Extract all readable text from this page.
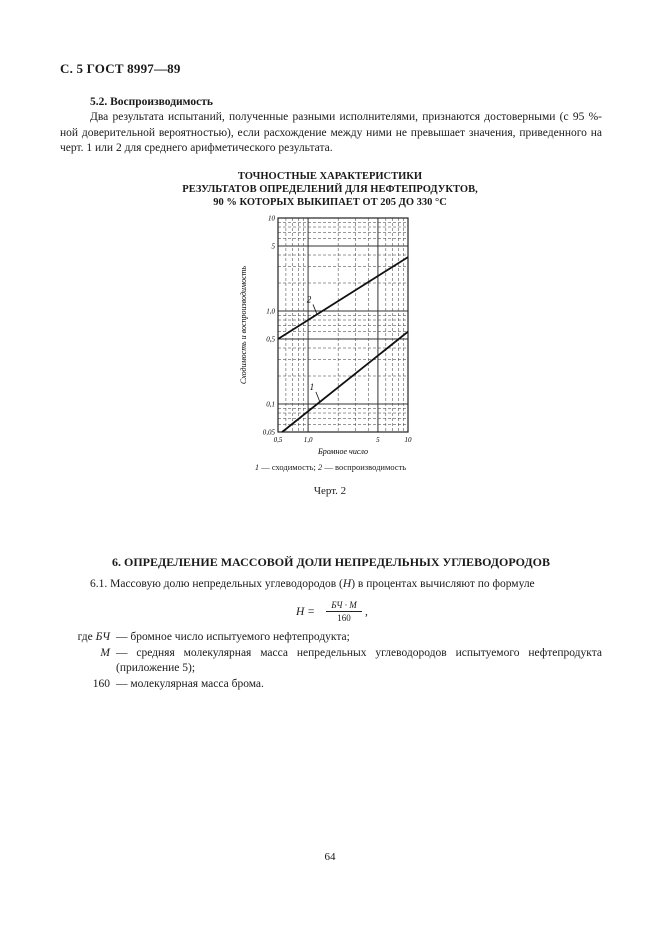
С. 5 ГОСТ 8997—89
5.2. Воспроизводимость
Два результата испытаний, полученные разными исполнителями, признаются достоверными (с 95 %-ной доверительной вероятностью), если расхождение между ними не превышает значения, приведенного на черт. 1 или 2 для среднего арифметического результата.
ТОЧНОСТНЫЕ ХАРАКТЕРИСТИКИ
РЕЗУЛЬТАТОВ ОПРЕДЕЛЕНИЙ ДЛЯ НЕФТЕПРОДУКТОВ,
90 % КОТОРЫХ ВЫКИПАЕТ ОТ 205 ДО 330 °С
1
2
0,5	1,0	5	10
10
5
1,0
0,5
0,1
0,05
Бромное число
Сходимость и воспроизводимость
1 — сходимость; 2 — воспроизводимость
Черт. 2
6. ОПРЕДЕЛЕНИЕ МАССОВОЙ ДОЛИ НЕПРЕДЕЛЬНЫХ УГЛЕВОДОРОДОВ
6.1. Массовую долю непредельных углеводородов (Н) в процентах вычисляют по формуле
Н =
БЧ · М
160	,
где БЧ — бромное число испытуемого нефтепродукта;
М — средняя молекулярная масса непредельных углеводородов испытуемого нефтепродукта (приложение 5);
160 — молекулярная масса брома.
64
